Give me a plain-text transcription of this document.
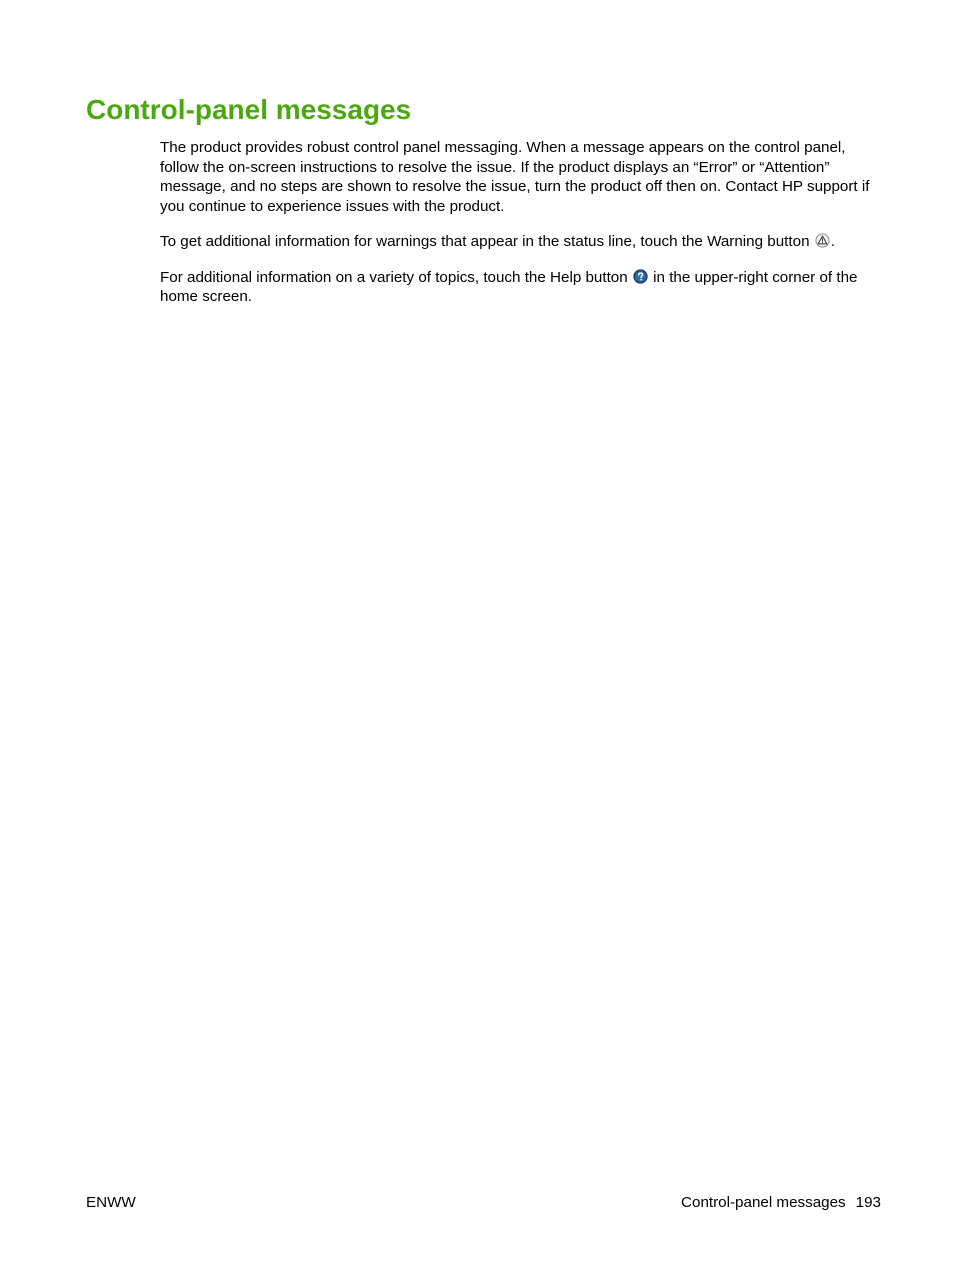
Control-panel messages

The product provides robust control panel messaging. When a message appears on the control panel, follow the on-screen instructions to resolve the issue. If the product displays an “Error” or “Attention” message, and no steps are shown to resolve the issue, turn the product off then on. Contact HP support if you continue to experience issues with the product.

To get additional information for warnings that appear in the status line, touch the Warning button
.

For additional information on a variety of topics, touch the Help button
in the upper-right corner of the home screen.

ENWW	Control-panel messages 193
